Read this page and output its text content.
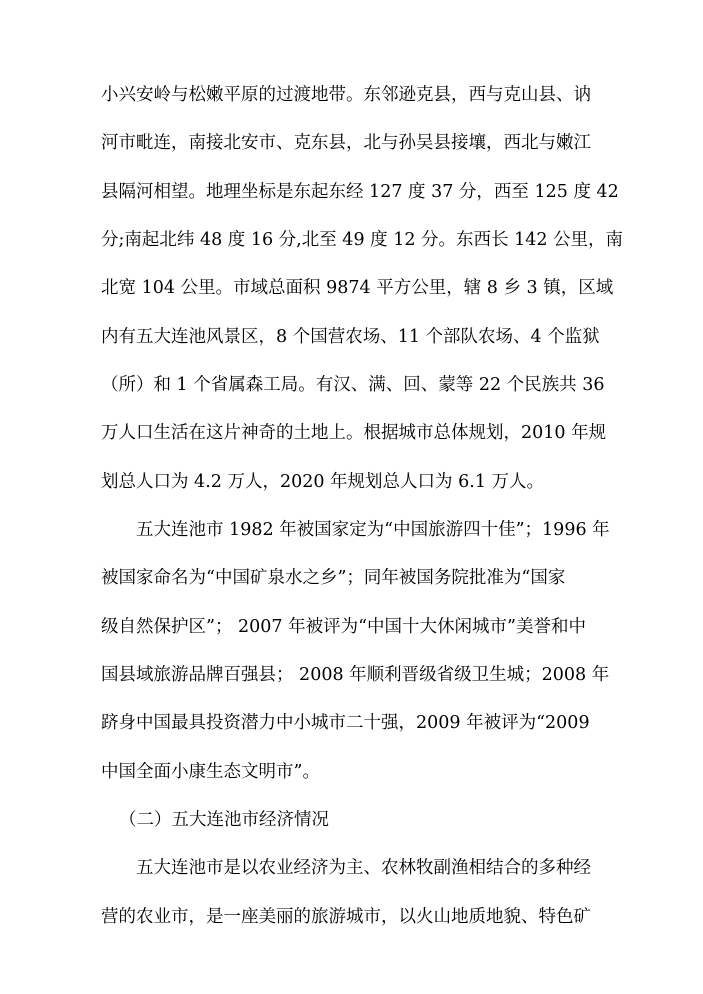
小兴安岭与松嫩平原的过渡地带。东邻逊克县，西与克山县、讷
河市毗连，南接北安市、克东县，北与孙吴县接壤，西北与嫩江
县隔河相望。地理坐标是东起东经 127 度 37 分，西至 125 度 42
分;南起北纬 48 度 16 分,北至 49 度 12 分。东西长 142 公里，南
北宽 104 公里。市域总面积 9874 平方公里，辖 8 乡 3 镇，区域
内有五大连池风景区，8 个国营农场、11 个部队农场、4 个监狱
（所）和 1 个省属森工局。有汉、满、回、蒙等 22 个民族共 36
万人口生活在这片神奇的土地上。根据城市总体规划，2010 年规
划总人口为 4.2 万人，2020 年规划总人口为 6.1 万人。
五大连池市 1982 年被国家定为“中国旅游四十佳”；1996 年
被国家命名为“中国矿泉水之乡”；同年被国务院批准为“国家
级自然保护区”； 2007 年被评为“中国十大休闲城市”美誉和中
国县域旅游品牌百强县； 2008 年顺利晋级省级卫生城；2008 年
跻身中国最具投资潜力中小城市二十强，2009 年被评为“2009
中国全面小康生态文明市”。
（二）五大连池市经济情况
五大连池市是以农业经济为主、农林牧副渔相结合的多种经
营的农业市，是一座美丽的旅游城市，以火山地质地貌、特色矿
